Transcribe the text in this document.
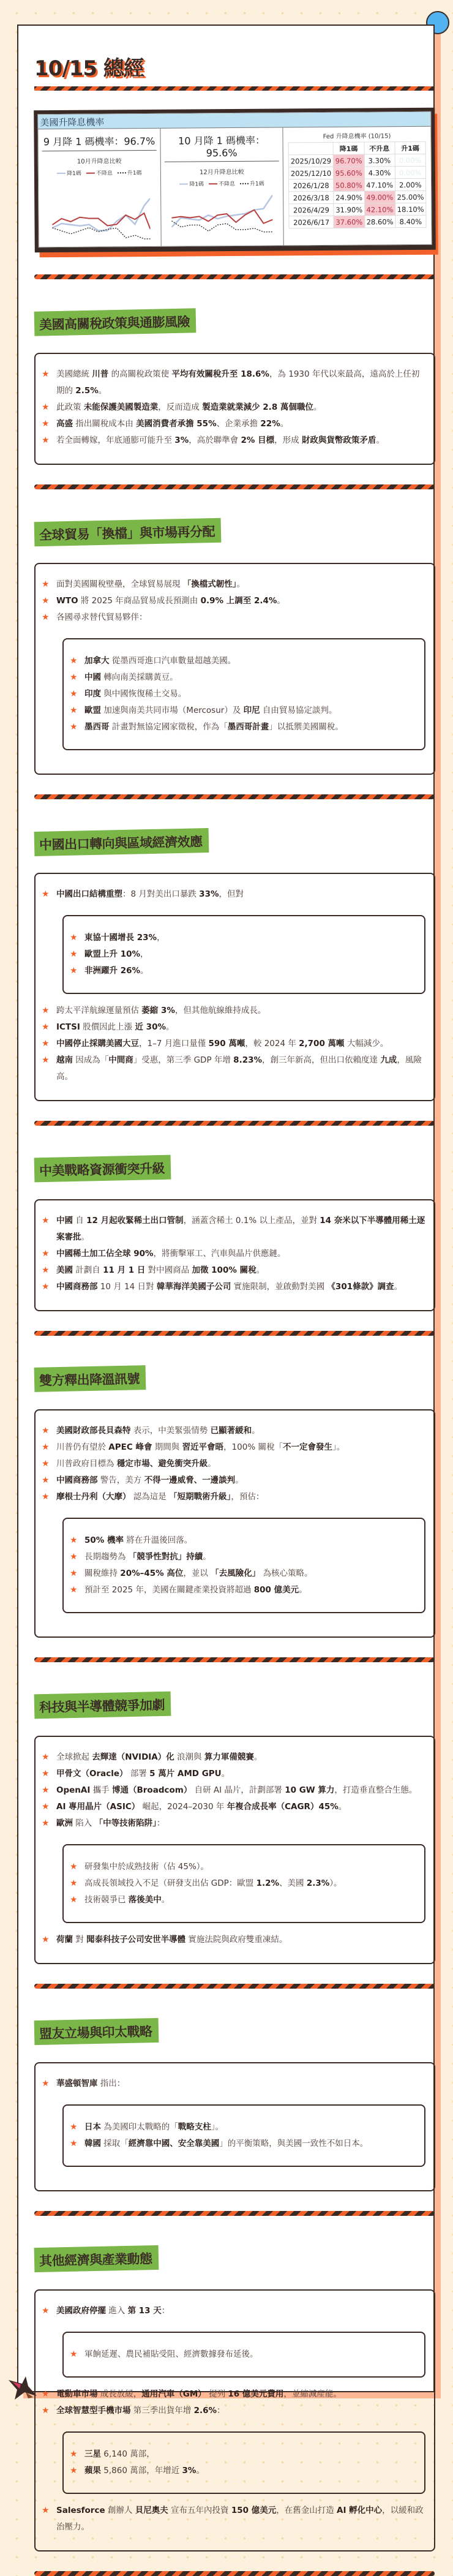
10/15 總經
美國升降息機率
9 月降 1 碼機率：96.7%
10月升降息比較
降1碼	不降息	升1碼
10 月降 1 碼機率：95.6%
12月升降息比較
降1碼	不降息	升1碼
Fed 升降息機率 (10/15)
	降1碼	不升息	升1碼
2025/10/29	96.70%	3.30%	0.00%
2025/12/10	95.60%	4.30%	0.00%
2026/1/28	50.80%	47.10%	2.00%
2026/3/18	24.90%	49.00%	25.00%
2026/4/29	31.90%	42.10%	18.10%
2026/6/17	37.60%	28.60%	8.40%
美國高關稅政策與通膨風險
★ 美國總統 川普 的高關稅政策使 平均有效關稅升至 18.6%，為 1930 年代以來最高，遠高於上任初期的 2.5%。
★ 此政策 未能保護美國製造業，反而造成 製造業就業減少 2.8 萬個職位。
★ 高盛 指出關稅成本由 美國消費者承擔 55%、企業承擔 22%。
★ 若全面轉嫁，年底通膨可能升至 3%，高於聯準會 2% 目標，形成 財政與貨幣政策矛盾。
全球貿易「換檔」與市場再分配
★ 面對美國關稅壁壘，全球貿易展現 「換檔式韌性」。
★ WTO 將 2025 年商品貿易成長預測由 0.9% 上調至 2.4%。
★ 各國尋求替代貿易夥伴：
★ 加拿大 從墨西哥進口汽車數量超越美國。
★ 中國 轉向南美採購黃豆。
★ 印度 與中國恢復稀土交易。
★ 歐盟 加速與南美共同市場（Mercosur）及 印尼 自由貿易協定談判。
★ 墨西哥 計畫對無協定國家徵稅，作為「墨西哥計畫」以抵禦美國關稅。
中國出口轉向與區域經濟效應
★ 中國出口結構重塑：8 月對美出口暴跌 33%，但對
★ 東協十國增長 23%，
★ 歐盟上升 10%，
★ 非洲躍升 26%。
★ 跨太平洋航線運量預估 萎縮 3%，但其他航線維持成長。
★ ICTSI 股價因此上漲 近 30%。
★ 中國停止採購美國大豆，1–7 月進口量僅 590 萬噸，較 2024 年 2,700 萬噸 大幅減少。
★ 越南 因成為「中間商」受惠，第三季 GDP 年增 8.23%，創三年新高，但出口依賴度達 九成，風險高。
中美戰略資源衝突升級
★ 中國 自 12 月起收緊稀土出口管制，涵蓋含稀土 0.1% 以上產品，並對 14 奈米以下半導體用稀土逐案審批。
★ 中國稀土加工佔全球 90%，將衝擊軍工、汽車與晶片供應鏈。
★ 美國 計劃自 11 月 1 日 對中國商品 加徵 100% 關稅。
★ 中國商務部 10 月 14 日對 韓華海洋美國子公司 實施限制，並啟動對美國 《301條款》調查。
雙方釋出降溫訊號
★ 美國財政部長貝森特 表示，中美緊張情勢 已顯著緩和。
★ 川普仍有望於 APEC 峰會 期間與 習近平會晤，100% 關稅「不一定會發生」。
★ 川普政府目標為 穩定市場、避免衝突升級。
★ 中國商務部 警告，美方 不得一邊威脅、一邊談判。
★ 摩根士丹利（大摩） 認為這是 「短期戰術升級」，預估：
★ 50% 機率 將在升溫後回落。
★ 長期趨勢為 「競爭性對抗」持續。
★ 關稅維持 20%–45% 高位，並以 「去風險化」 為核心策略。
★ 預計至 2025 年，美國在關鍵產業投資將超過 800 億美元。
科技與半導體競爭加劇
★ 全球掀起 去輝達（NVIDIA）化 浪潮與 算力軍備競賽。
★ 甲骨文（Oracle） 部署 5 萬片 AMD GPU。
★ OpenAI 攜手 博通（Broadcom） 自研 AI 晶片，計劃部署 10 GW 算力，打造垂直整合生態。
★ AI 專用晶片（ASIC） 崛起，2024–2030 年 年複合成長率（CAGR）45%。
★ 歐洲 陷入 「中等技術陷阱」：
★ 研發集中於成熟技術（佔 45%）。
★ 高成長領域投入不足（研發支出佔 GDP：歐盟 1.2%、美國 2.3%）。
★ 技術競爭已 落後美中。
★ 荷蘭 對 聞泰科技子公司安世半導體 實施法院與政府雙重凍結。
盟友立場與印太戰略
★ 華盛頓智庫 指出：
★ 日本 為美國印太戰略的「戰略支柱」。
★ 韓國 採取「經濟靠中國、安全靠美國」的平衡策略，與美國一致性不如日本。
其他經濟與產業動態
★ 美國政府停擺 進入 第 13 天：
★ 軍餉延遲、農民補貼受阻、經濟數據發布延後。
★ 電動車市場 成長放緩，通用汽車（GM） 提列 16 億美元費用，並縮減產能。
★ 全球智慧型手機市場 第三季出貨年增 2.6%：
★ 三星 6,140 萬部，
★ 蘋果 5,860 萬部，年增近 3%。
★ Salesforce 創辦人 貝尼奧夫 宣布五年內投資 150 億美元，在舊金山打造 AI 孵化中心，以緩和政治壓力。
